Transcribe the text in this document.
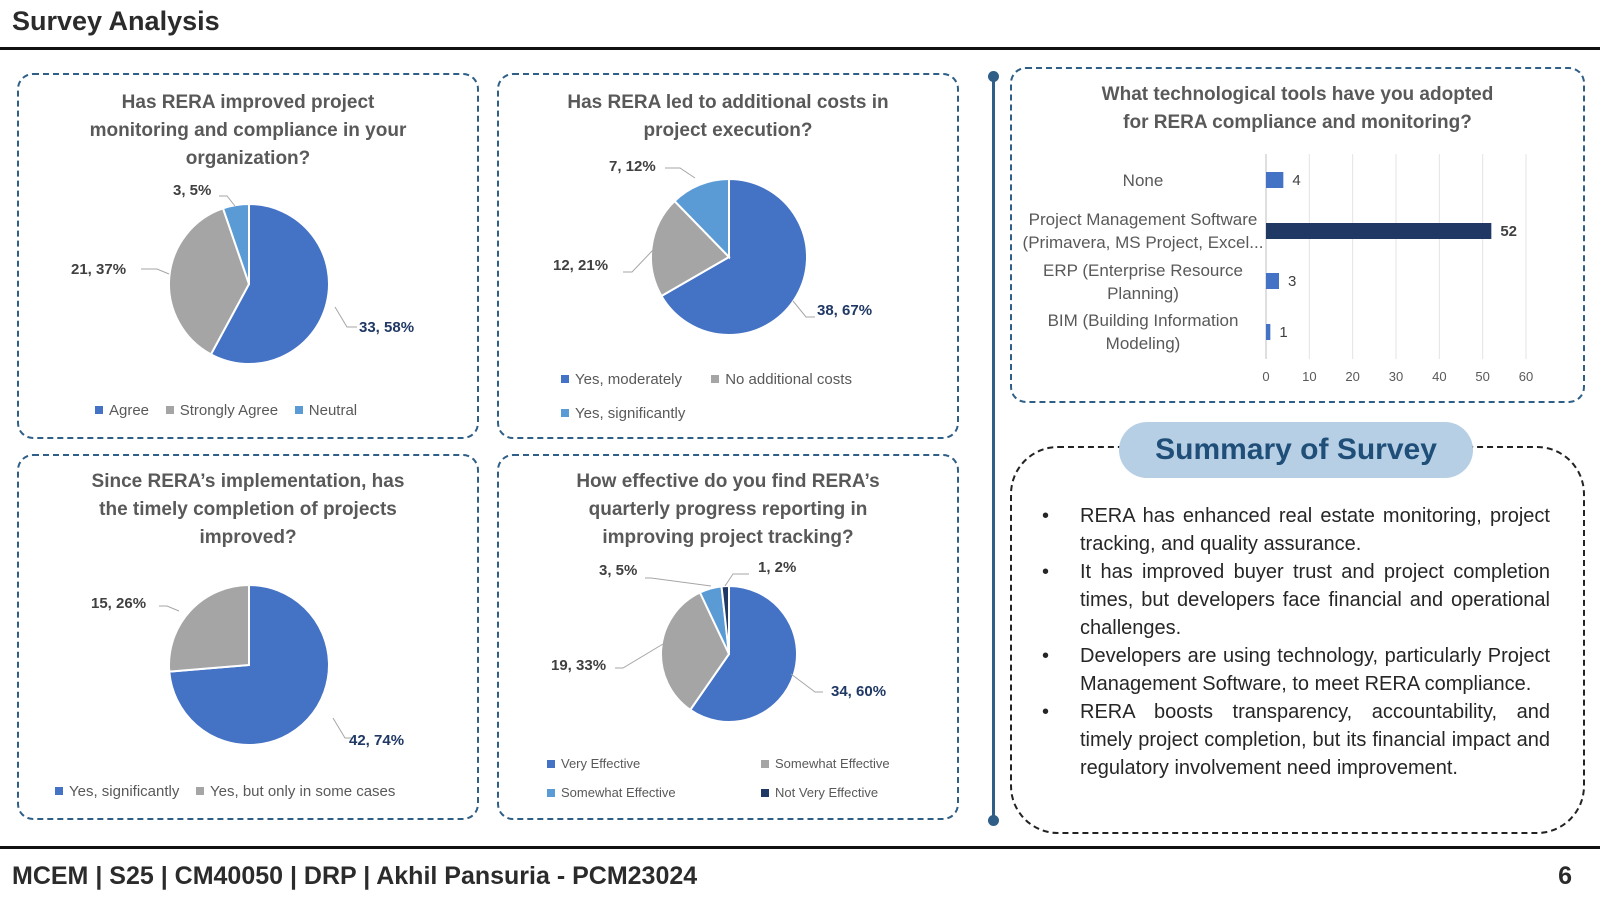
Survey Analysis
Has RERA improved project
monitoring and compliance in your
organization?
33, 58%
21, 37%
3, 5%
Agree Strongly Agree Neutral
Has RERA led to additional costs in
project execution?
38, 67%
12, 21%
7, 12%
Yes, moderately	No additional costs
Yes, significantly
Since RERA’s implementation, has
the timely completion of projects
improved?
42, 74%
15, 26%
Yes, significantly Yes, but only in some cases
How effective do you find RERA’s
quarterly progress reporting in
improving project tracking?
34, 60%
19, 33%
3, 5%	1, 2%
Very Effective	Somewhat Effective
Somewhat Effective	Not Very Effective
What technological tools have you adopted
for RERA compliance and monitoring?
None
Project Management Software
(Primavera, MS Project, Excel...
ERP (Enterprise Resource
Planning)
BIM (Building Information
Modeling)
0 10 20 30 40 50 60
4
52
3
1
Summary of Survey
• RERA has enhanced real estate monitoring, project tracking, and quality assurance.
• It has improved buyer trust and project completion times, but developers face financial and operational challenges.
• Developers are using technology, particularly Project Management Software, to meet RERA compliance.
• RERA boosts transparency, accountability, and timely project completion, but its financial impact and regulatory involvement need improvement.
MCEM | S25 | CM40050 | DRP | Akhil Pansuria - PCM23024	6
